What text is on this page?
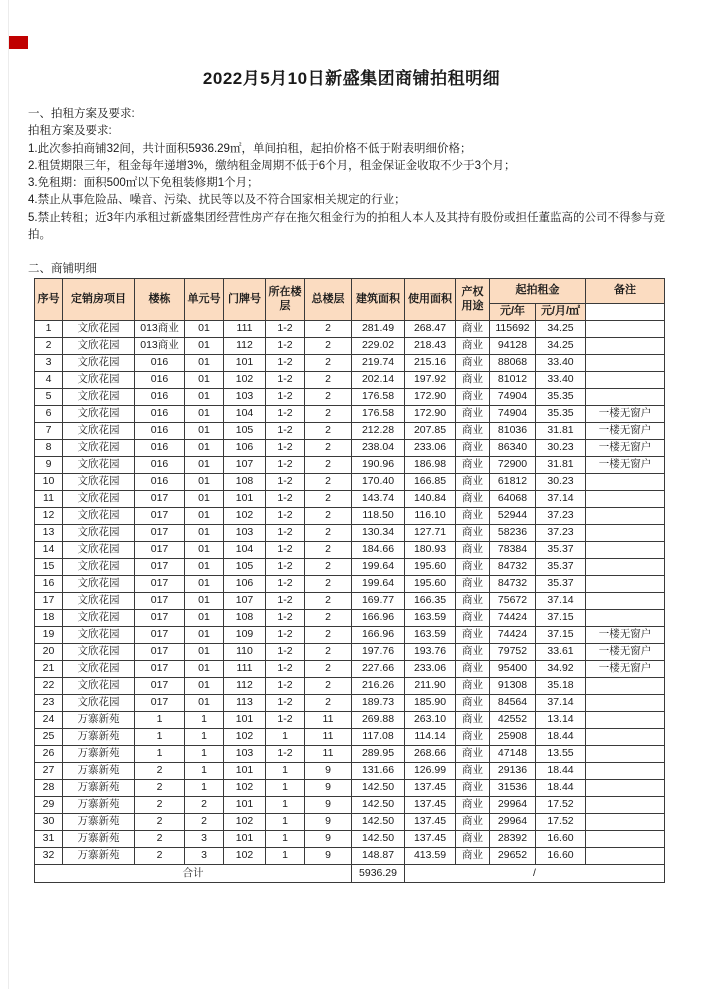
2022月5月10日新盛集团商铺拍租明细
一、拍租方案及要求:
拍租方案及要求:
1.此次参拍商铺32间，共计面积5936.29㎡，单间拍租，起拍价格不低于附表明细价格；
2.租赁期限三年，租金每年递增3%，缴纳租金周期不低于6个月，租金保证金收取不少于3个月；
3.免租期：面积500㎡以下免租装修期1个月；
4.禁止从事危险品、噪音、污染、扰民等以及不符合国家相关规定的行业；
5.禁止转租；近3年内承租过新盛集团经营性房产存在拖欠租金行为的拍租人本人及其持有股份或担任董监高的公司不得参与竞拍。
二、商铺明细
序号	定销房项目	楼栋	单元号	门牌号	所在楼层	总楼层	建筑面积	使用面积	产权用途	起拍租金		备注
										元/年	元/月/㎡	
1	文欣花园	013商业	01	111	1-2	2	281.49	268.47	商业	115692	34.25	
2	文欣花园	013商业	01	112	1-2	2	229.02	218.43	商业	94128	34.25	
3	文欣花园	016	01	101	1-2	2	219.74	215.16	商业	88068	33.40	
4	文欣花园	016	01	102	1-2	2	202.14	197.92	商业	81012	33.40	
5	文欣花园	016	01	103	1-2	2	176.58	172.90	商业	74904	35.35	
6	文欣花园	016	01	104	1-2	2	176.58	172.90	商业	74904	35.35	一楼无窗户
7	文欣花园	016	01	105	1-2	2	212.28	207.85	商业	81036	31.81	一楼无窗户
8	文欣花园	016	01	106	1-2	2	238.04	233.06	商业	86340	30.23	一楼无窗户
9	文欣花园	016	01	107	1-2	2	190.96	186.98	商业	72900	31.81	一楼无窗户
10	文欣花园	016	01	108	1-2	2	170.40	166.85	商业	61812	30.23	
11	文欣花园	017	01	101	1-2	2	143.74	140.84	商业	64068	37.14	
12	文欣花园	017	01	102	1-2	2	118.50	116.10	商业	52944	37.23	
13	文欣花园	017	01	103	1-2	2	130.34	127.71	商业	58236	37.23	
14	文欣花园	017	01	104	1-2	2	184.66	180.93	商业	78384	35.37	
15	文欣花园	017	01	105	1-2	2	199.64	195.60	商业	84732	35.37	
16	文欣花园	017	01	106	1-2	2	199.64	195.60	商业	84732	35.37	
17	文欣花园	017	01	107	1-2	2	169.77	166.35	商业	75672	37.14	
18	文欣花园	017	01	108	1-2	2	166.96	163.59	商业	74424	37.15	
19	文欣花园	017	01	109	1-2	2	166.96	163.59	商业	74424	37.15	一楼无窗户
20	文欣花园	017	01	110	1-2	2	197.76	193.76	商业	79752	33.61	一楼无窗户
21	文欣花园	017	01	111	1-2	2	227.66	233.06	商业	95400	34.92	一楼无窗户
22	文欣花园	017	01	112	1-2	2	216.26	211.90	商业	91308	35.18	
23	文欣花园	017	01	113	1-2	2	189.73	185.90	商业	84564	37.14	
24	万寨新苑	1	1	101	1-2	11	269.88	263.10	商业	42552	13.14	
25	万寨新苑	1	1	102	1	11	117.08	114.14	商业	25908	18.44	
26	万寨新苑	1	1	103	1-2	11	289.95	268.66	商业	47148	13.55	
27	万寨新苑	2	1	101	1	9	131.66	126.99	商业	29136	18.44	
28	万寨新苑	2	1	102	1	9	142.50	137.45	商业	31536	18.44	
29	万寨新苑	2	2	101	1	9	142.50	137.45	商业	29964	17.52	
30	万寨新苑	2	2	102	1	9	142.50	137.45	商业	29964	17.52	
31	万寨新苑	2	3	101	1	9	142.50	137.45	商业	28392	16.60	
32	万寨新苑	2	3	102	1	9	148.87	413.59	商业	29652	16.60	
合计							5936.29	/				
